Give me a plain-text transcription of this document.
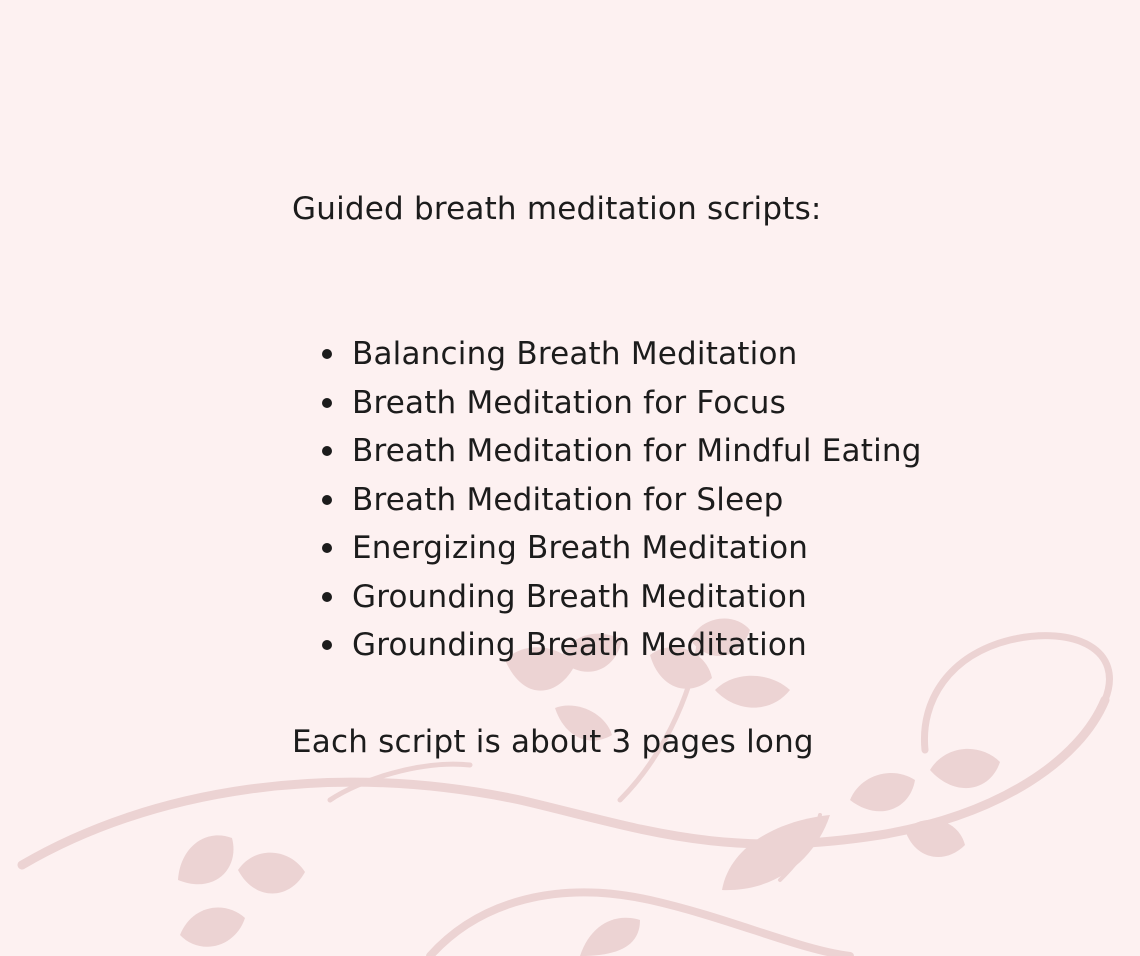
Guided breath meditation scripts:

Balancing Breath Meditation
Breath Meditation for Focus
Breath Meditation for Mindful Eating
Breath Meditation for Sleep
Energizing Breath Meditation
Grounding Breath Meditation
Grounding Breath Meditation

Each script is about 3 pages long
